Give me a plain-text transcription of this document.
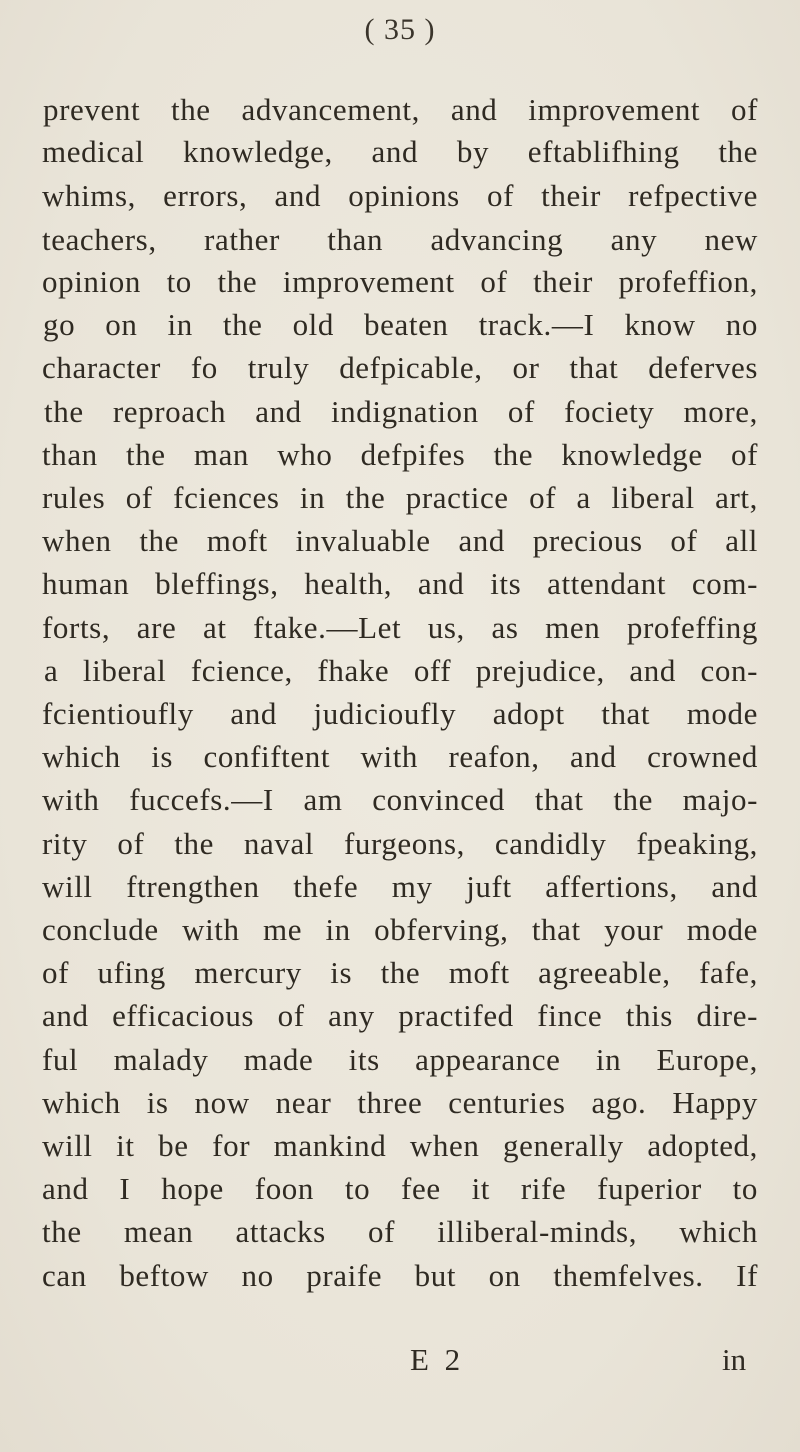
( 35 )
prevent the advancement, and improvement of
medical knowledge, and by eftablifhing the
whims, errors, and opinions of their refpective
teachers, rather than advancing any new
opinion to the improvement of their profeffion,
go on in the old beaten track.—I know no
character fo truly defpicable, or that deferves
the reproach and indignation of fociety more,
than the man who defpifes the knowledge of
rules of fciences in the practice of a liberal art,
when the moft invaluable and precious of all
human bleffings, health, and its attendant com-
forts, are at ftake.—Let us, as men profeffing
a liberal fcience, fhake off prejudice, and con-
fcientioufly and judicioufly adopt that mode
which is confiftent with reafon, and crowned
with fuccefs.—I am convinced that the majo-
rity of the naval furgeons, candidly fpeaking,
will ftrengthen thefe my juft affertions, and
conclude with me in obferving, that your mode
of ufing mercury is the moft agreeable, fafe,
and efficacious of any practifed fince this dire-
ful malady made its appearance in Europe,
which is now near three centuries ago. Happy
will it be for mankind when generally adopted,
and I hope foon to fee it rife fuperior to
the mean attacks of illiberal-minds, which
can beftow no praife but on themfelves. If
E 2	in
